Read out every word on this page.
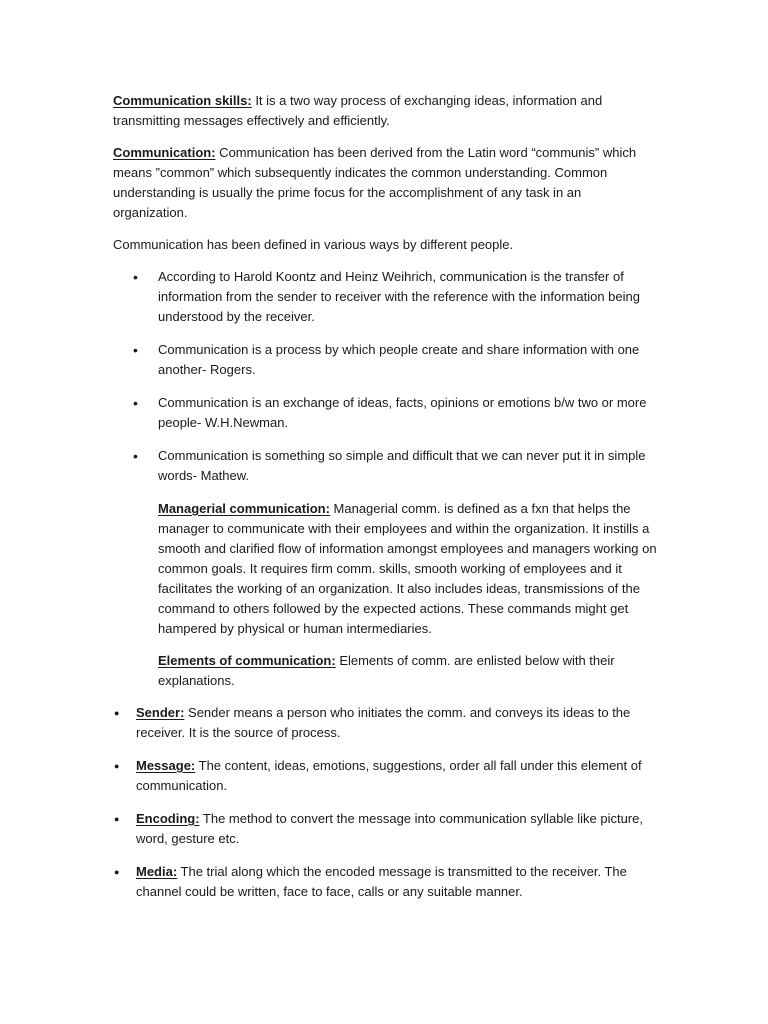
Communication skills: It is a two way process of exchanging ideas, information and transmitting messages effectively and efficiently.

Communication: Communication has been derived from the Latin word “communis” which means ”common” which subsequently indicates the common understanding. Common understanding is usually the prime focus for the accomplishment of any task in an organization.

Communication has been defined in various ways by different people.

• According to Harold Koontz and Heinz Weihrich, communication is the transfer of information from the sender to receiver with the reference with the information being understood by the receiver.
• Communication is a process by which people create and share information with one another- Rogers.
• Communication is an exchange of ideas, facts, opinions or emotions b/w two or more people- W.H.Newman.
• Communication is something so simple and difficult that we can never put it in simple words- Mathew.

Managerial communication: Managerial comm. is defined as a fxn that helps the manager to communicate with their employees and within the organization. It instills a smooth and clarified flow of information amongst employees and managers working on common goals. It requires firm comm. skills, smooth working of employees and it facilitates the working of an organization. It also includes ideas, transmissions of the command to others followed by the expected actions. These commands might get hampered by physical or human intermediaries.

Elements of communication: Elements of comm. are enlisted below with their explanations.

● Sender: Sender means a person who initiates the comm. and conveys its ideas to the receiver. It is the source of process.
● Message: The content, ideas, emotions, suggestions, order all fall under this element of communication.
● Encoding: The method to convert the message into communication syllable like picture, word, gesture etc.
● Media: The trial along which the encoded message is transmitted to the receiver. The channel could be written, face to face, calls or any suitable manner.
